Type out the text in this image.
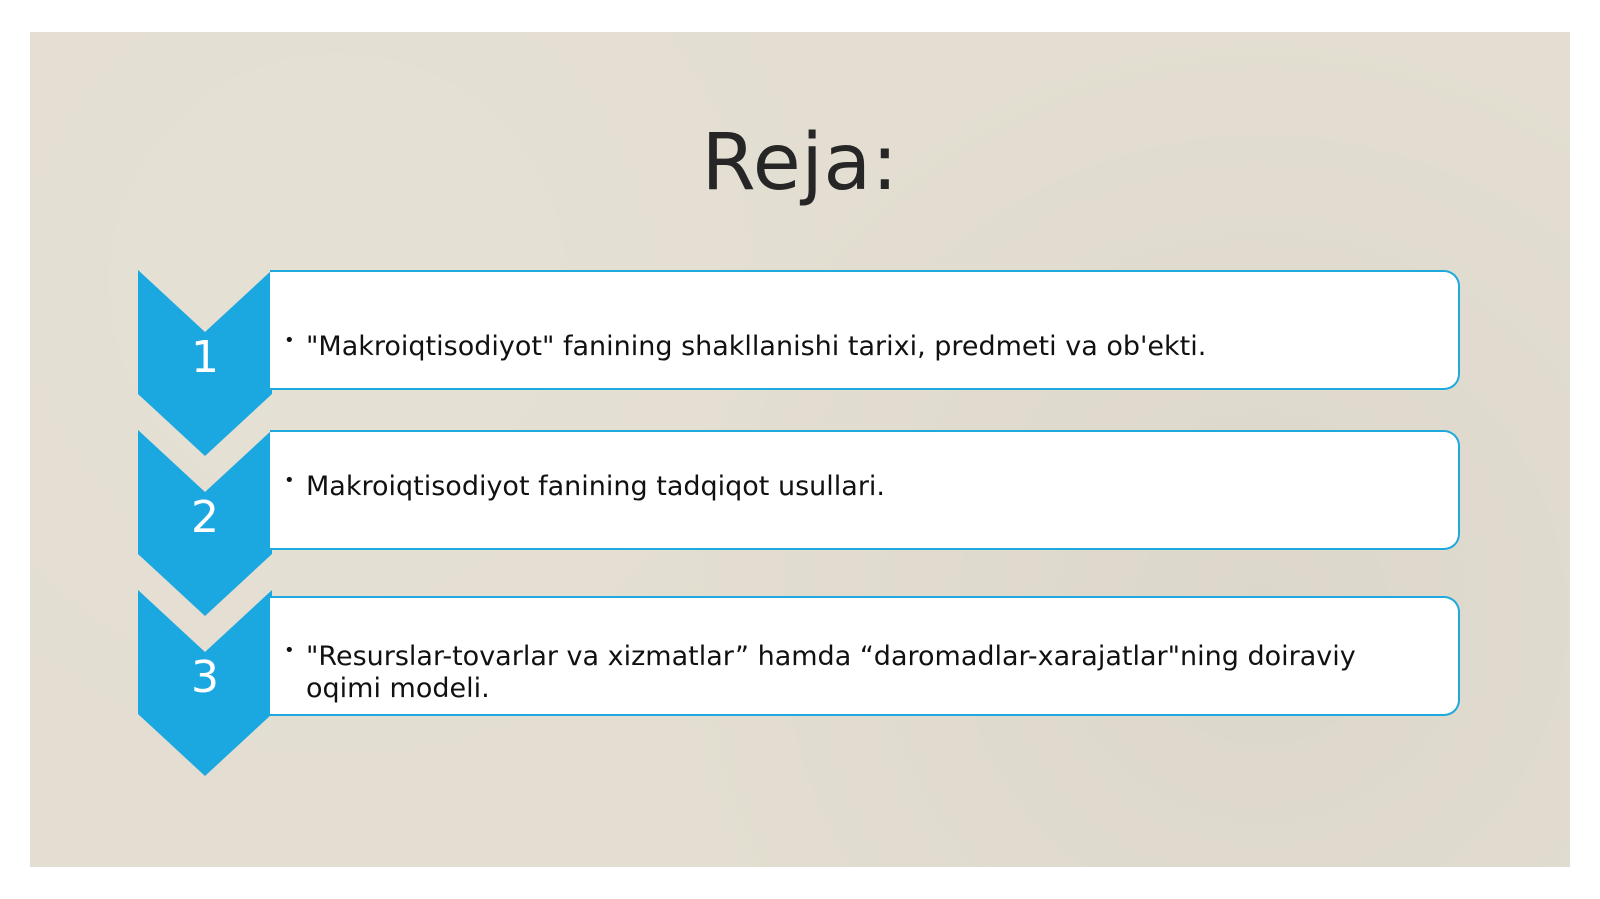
Reja:
1	• "Makroiqtisodiyot" fanining shakllanishi tarixi, predmeti va ob'ekti.
2
• Makroiqtisodiyot fanining tadqiqot usullari.
3
• "Resurslar-tovarlar va xizmatlar” hamda “daromadlar-xarajatlar"ning doiraviy oqimi modeli.
